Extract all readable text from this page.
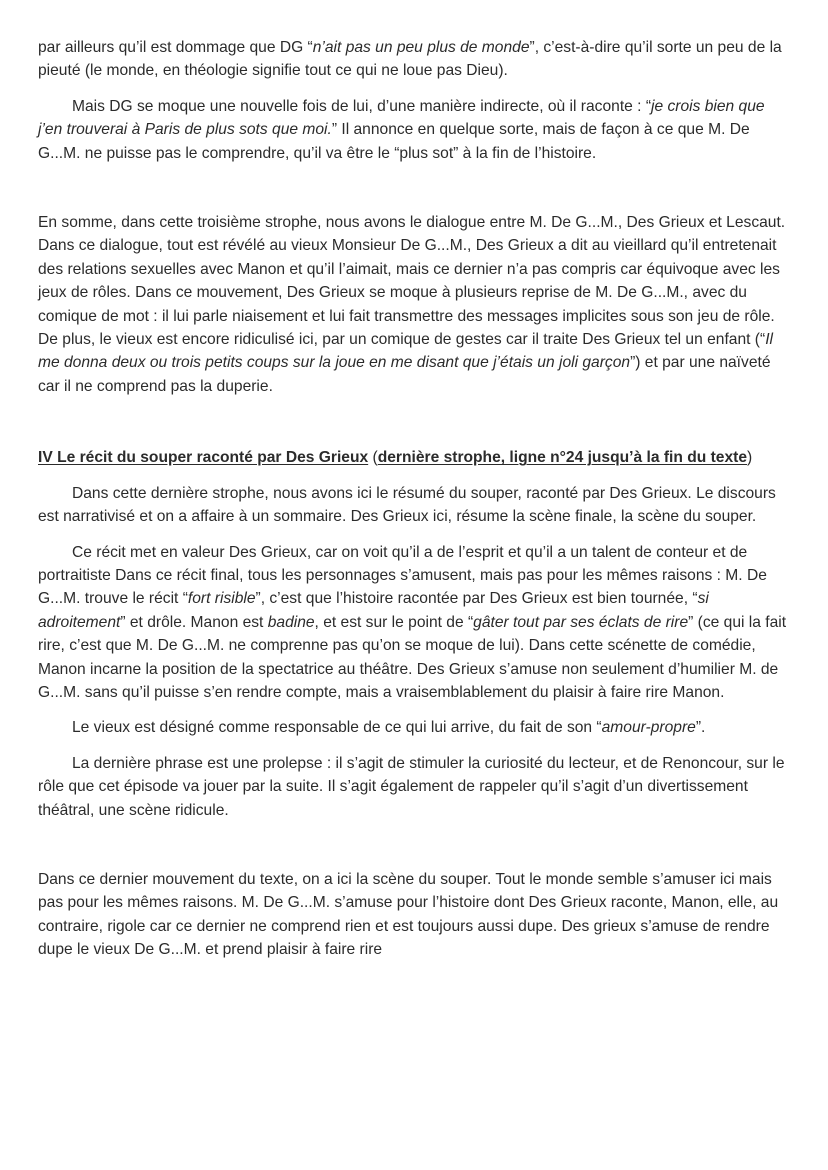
par ailleurs qu’il est dommage que DG “n’ait pas un peu plus de monde”, c’est-à-dire qu’il sorte un peu de la pieuté (le monde, en théologie signifie tout ce qui ne loue pas Dieu).

Mais DG se moque une nouvelle fois de lui, d’une manière indirecte, où il raconte : “je crois bien que j’en trouverai à Paris de plus sots que moi.” Il annonce en quelque sorte, mais de façon à ce que M. De G...M. ne puisse pas le comprendre, qu’il va être le “plus sot” à la fin de l’histoire.

En somme, dans cette troisième strophe, nous avons le dialogue entre M. De G...M., Des Grieux et Lescaut. Dans ce dialogue, tout est révélé au vieux Monsieur De G...M., Des Grieux a dit au vieillard qu’il entretenait des relations sexuelles avec Manon et qu’il l’aimait, mais ce dernier n’a pas compris car équivoque avec les jeux de rôles. Dans ce mouvement, Des Grieux se moque à plusieurs reprise de M. De G...M., avec du comique de mot : il lui parle niaisement et lui fait transmettre des messages implicites sous son jeu de rôle. De plus, le vieux est encore ridiculisé ici, par un comique de gestes car il traite Des Grieux tel un enfant (“Il me donna deux ou trois petits coups sur la joue en me disant que j’étais un joli garçon”) et par une naïveté car il ne comprend pas la duperie.

IV Le récit du souper raconté par Des Grieux (dernière strophe, ligne n°24 jusqu’à la fin du texte)

Dans cette dernière strophe, nous avons ici le résumé du souper, raconté par Des Grieux. Le discours est narrativisé et on a affaire à un sommaire. Des Grieux ici, résume la scène finale, la scène du souper.

Ce récit met en valeur Des Grieux, car on voit qu’il a de l’esprit et qu’il a un talent de conteur et de portraitiste Dans ce récit final, tous les personnages s’amusent, mais pas pour les mêmes raisons : M. De G...M. trouve le récit “fort risible”, c’est que l’histoire racontée par Des Grieux est bien tournée, “si adroitement” et drôle. Manon est badine, et est sur le point de “gâter tout par ses éclats de rire” (ce qui la fait rire, c’est que M. De G...M. ne comprenne pas qu’on se moque de lui). Dans cette scénette de comédie, Manon incarne la position de la spectatrice au théâtre. Des Grieux s’amuse non seulement d’humilier M. de G...M. sans qu’il puisse s’en rendre compte, mais a vraisemblablement du plaisir à faire rire Manon.

Le vieux est désigné comme responsable de ce qui lui arrive, du fait de son “amour-propre”.

La dernière phrase est une prolepse : il s’agit de stimuler la curiosité du lecteur, et de Renoncour, sur le rôle que cet épisode va jouer par la suite. Il s’agit également de rappeler qu’il s’agit d’un divertissement théâtral, une scène ridicule.

Dans ce dernier mouvement du texte, on a ici la scène du souper. Tout le monde semble s’amuser ici mais pas pour les mêmes raisons. M. De G...M. s’amuse pour l’histoire dont Des Grieux raconte, Manon, elle, au contraire, rigole car ce dernier ne comprend rien et est toujours aussi dupe. Des grieux s’amuse de rendre dupe le vieux De G...M. et prend plaisir à faire rire
